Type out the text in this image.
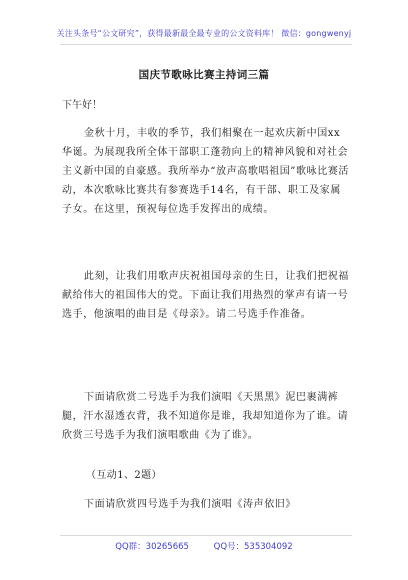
关注头条号“公文研究”，获得最新最全最专业的公文资料库！ 微信：gongwenyj
国庆节歌咏比赛主持词三篇
下午好！

金秋十月，丰收的季节，我们相聚在一起欢庆新中国xx华诞。为展现我所全体干部职工蓬勃向上的精神风貌和对社会主义新中国的自豪感。我所举办“放声高歌唱祖国”歌咏比赛活动，本次歌咏比赛共有参赛选手14名，有干部、职工及家属子女。在这里，预祝每位选手发挥出的成绩。

此刻，让我们用歌声庆祝祖国母亲的生日，让我们把祝福献给伟大的祖国伟大的党。下面让我们用热烈的掌声有请一号选手，他演唱的曲目是《母亲》。请二号选手作准备。

下面请欣赏二号选手为我们演唱《天黑黑》泥巴裹满裤腿，汗水湿透衣背，我不知道你是谁，我却知道你为了谁。请欣赏三号选手为我们演唱歌曲《为了谁》。

（互动1、2题）

下面请欣赏四号选手为我们演唱《涛声依旧》

QQ群：30265665	QQ号：535304092
